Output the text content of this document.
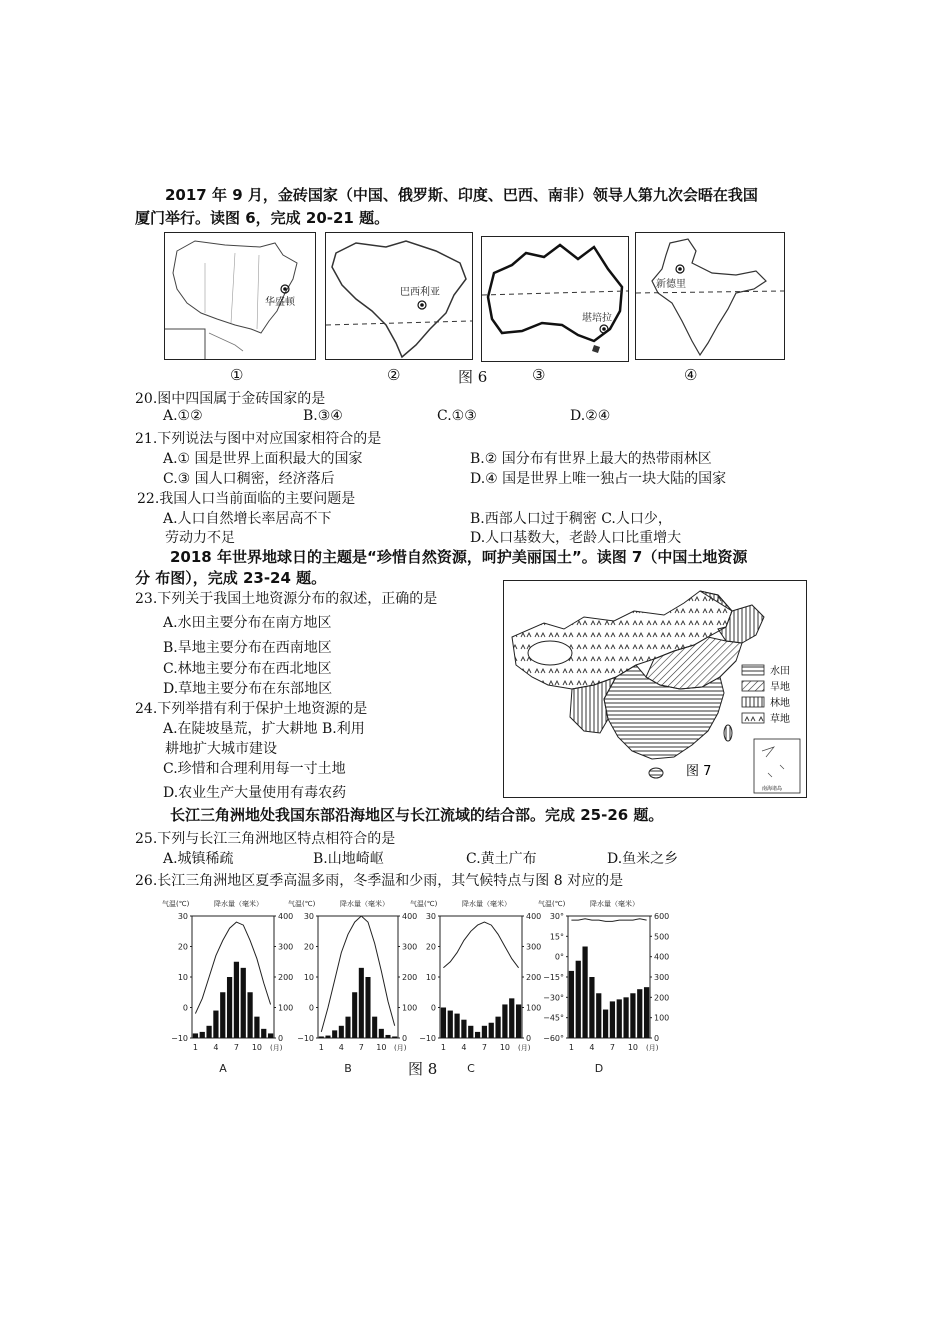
2017 年 9 月，金砖国家（中国、俄罗斯、印度、巴西、南非）领导人第九次会晤在我国
厦门举行。读图 6，完成 20-21 题。
华盛顿
巴西利亚
堪培拉
新德里
①	②	图 6	③	④
20.图中四国属于金砖国家的是
A.①②	B.③④	C.①③	D.②④
21.下列说法与图中对应国家相符合的是
A.① 国是世界上面积最大的国家	B.② 国分布有世界上最大的热带雨林区
C.③ 国人口稠密，经济落后	D.④ 国是世界上唯一独占一块大陆的国家
22.我国人口当前面临的主要问题是
A.人口自然增长率居高不下	B.西部人口过于稠密 C.人口少，
劳动力不足	D.人口基数大，老龄人口比重增大
2018 年世界地球日的主题是“珍惜自然资源，呵护美丽国土”。读图 7（中国土地资源
分 布图），完成 23-24 题。
23.下列关于我国土地资源分布的叙述，正确的是
A.水田主要分布在南方地区
B.旱地主要分布在西南地区
C.林地主要分布在西北地区
D.草地主要分布在东部地区
24.下列举措有利于保护土地资源的是
A.在陡坡垦荒，扩大耕地 B.利用
耕地扩大城市建设
C.珍惜和合理利用每一寸土地
D.农业生产大量使用有毒农药
水田
旱地
林地
草地
南海诸岛
图 7
长江三角洲地处我国东部沿海地区与长江流域的结合部。完成 25-26 题。
25.下列与长江三角洲地区特点相符合的是
A.城镇稀疏	B.山地崎岖	C.黄土广布	D.鱼米之乡
26.长江三角洲地区夏季高温多雨，冬季温和少雨，其气候特点与图 8 对应的是
气温(℃)	降水量（毫米）
30
20
10
0
−10
400
300
200
100
0
1 4 7 10 (月)
A
气温(℃)	降水量（毫米）
30
20
10
0
−10
400
300
200
100
0
1 4 7 10 (月)
B
气温(℃)	降水量（毫米）
30
20
10
0
−10
400
300
200
100
0
1 4 7 10 (月)
C
气温(℃)	降水量（毫米）
30°
15°
0°
−15°
−30°
−45°
−60°
600
500
400
300
200
100
0
1 4 7 10 (月)
D
图 8
